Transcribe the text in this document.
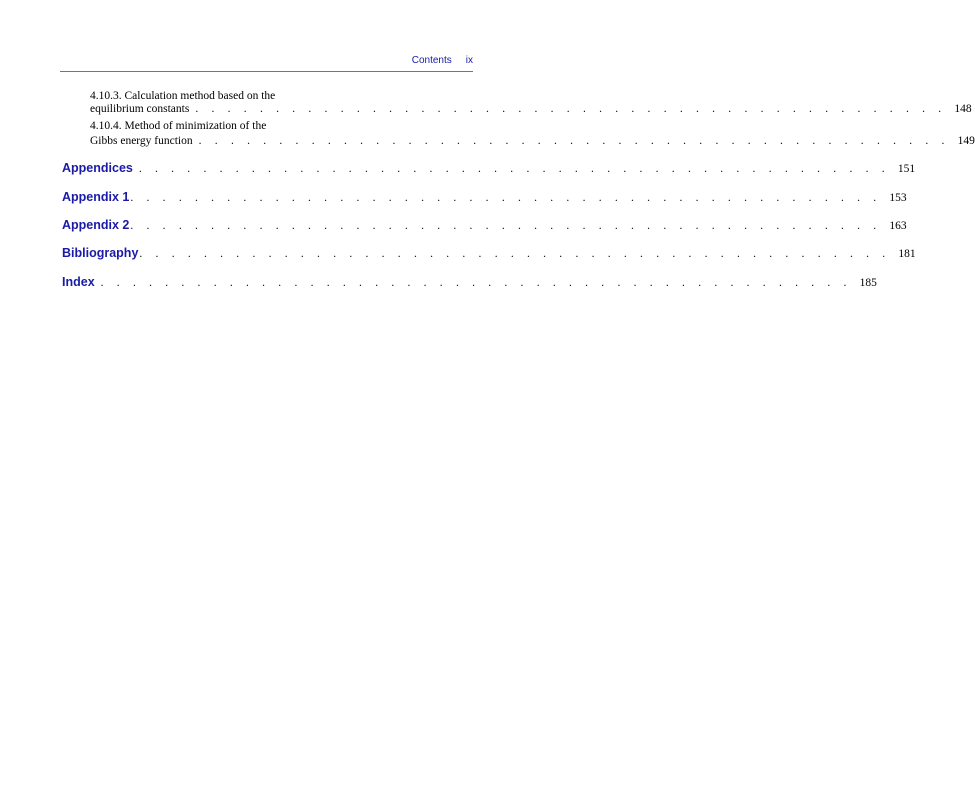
Contents ix
4.10.3. Calculation method based on the
equilibrium constants . . . . . . . . . . . . . . . . . . . . . . . . . . . . . . . . . . . . . . . . . . . . . . . 148
4.10.4. Method of minimization of the
Gibbs energy function . . . . . . . . . . . . . . . . . . . . . . . . . . . . . . . . . . . . . . . . . . . . . . . 149
Appendices . . . . . . . . . . . . . . . . . . . . . . . . . . . . . . . . . . . . . . . . . . . . . . . 151
Appendix 1 . . . . . . . . . . . . . . . . . . . . . . . . . . . . . . . . . . . . . . . . . . . . . . . 153
Appendix 2 . . . . . . . . . . . . . . . . . . . . . . . . . . . . . . . . . . . . . . . . . . . . . . . 163
Bibliography . . . . . . . . . . . . . . . . . . . . . . . . . . . . . . . . . . . . . . . . . . . . . . . 181
Index . . . . . . . . . . . . . . . . . . . . . . . . . . . . . . . . . . . . . . . . . . . . . . . 185
